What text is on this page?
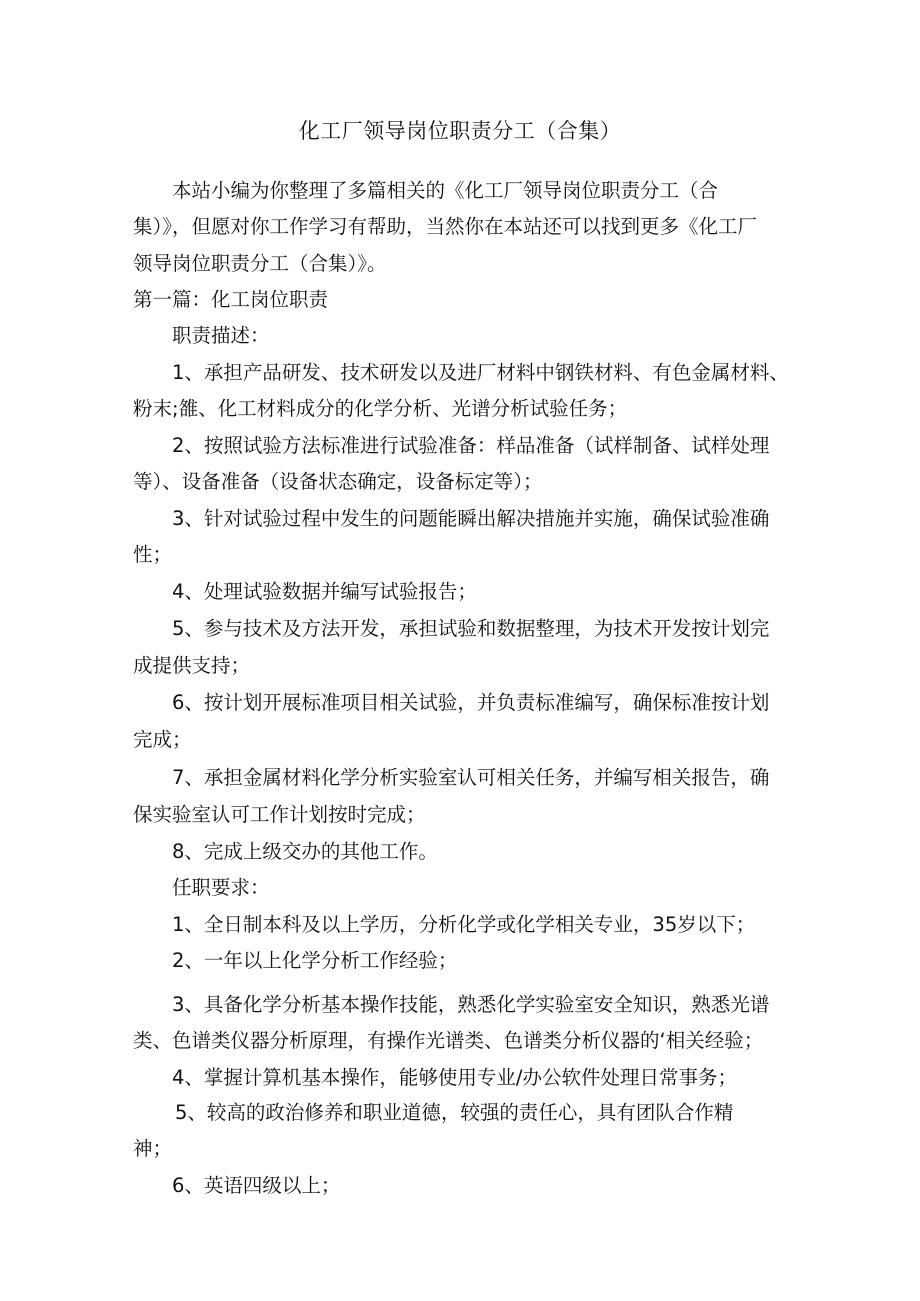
化工厂领导岗位职责分工（合集）
本站小编为你整理了多篇相关的《化工厂领导岗位职责分工（合
集）》，但愿对你工作学习有帮助，当然你在本站还可以找到更多《化工厂
领导岗位职责分工（合集）》。
第一篇：化工岗位职责
职责描述：
1、承担产品研发、技术研发以及进厂材料中钢铁材料、有色金属材料、
粉末;雒、化工材料成分的化学分析、光谱分析试验任务；
2、按照试验方法标准进行试验准备：样品准备（试样制备、试样处理
等）、设备准备（设备状态确定，设备标定等）；
3、针对试验过程中发生的问题能瞬出解决措施并实施，确保试验准确
性；
4、处理试验数据并编写试验报告；
5、参与技术及方法开发，承担试验和数据整理，为技术开发按计划完
成提供支持；
6、按计划开展标准项目相关试验，并负责标准编写，确保标准按计划
完成；
7、承担金属材料化学分析实验室认可相关任务，并编写相关报告，确
保实验室认可工作计划按时完成；
8、完成上级交办的其他工作。
任职要求：
1、全日制本科及以上学历，分析化学或化学相关专业，35岁以下；
2、一年以上化学分析工作经验；
3、具备化学分析基本操作技能，熟悉化学实验室安全知识，熟悉光谱
类、色谱类仪器分析原理，有操作光谱类、色谱类分析仪器的‘相关经验；
4、掌握计算机基本操作，能够使用专业/办公软件处理日常事务；
5、较高的政治修养和职业道德，较强的责任心，具有团队合作精
神；
6、英语四级以上；
